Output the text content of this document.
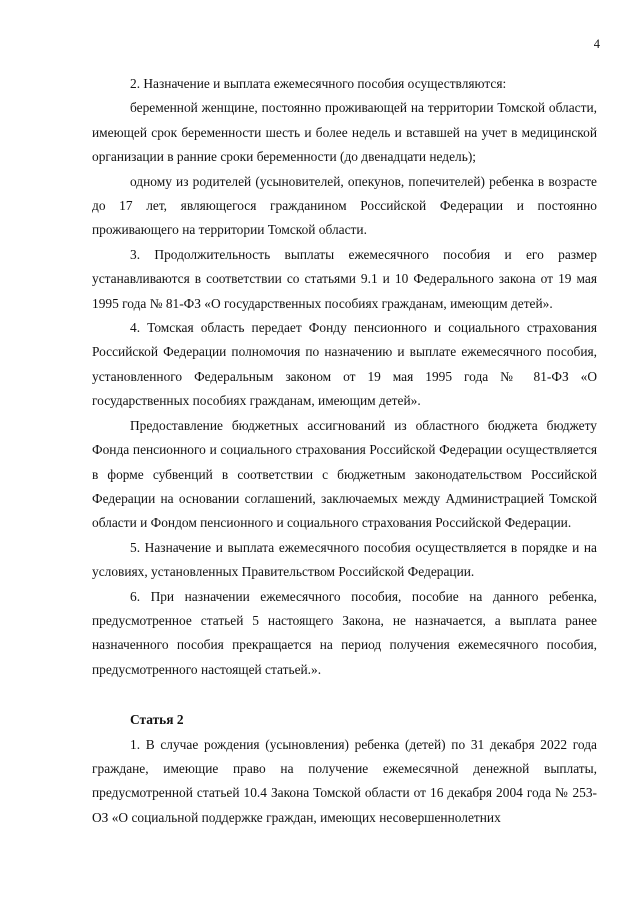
4

2. Назначение и выплата ежемесячного пособия осуществляются:

беременной женщине, постоянно проживающей на территории Томской области, имеющей срок беременности шесть и более недель и вставшей на учет в медицинской организации в ранние сроки беременности (до двенадцати недель);

одному из родителей (усыновителей, опекунов, попечителей) ребенка в возрасте до 17 лет, являющегося гражданином Российской Федерации и постоянно проживающего на территории Томской области.

3. Продолжительность выплаты ежемесячного пособия и его размер устанавливаются в соответствии со статьями 9.1 и 10 Федерального закона от 19 мая 1995 года № 81-ФЗ «О государственных пособиях гражданам, имеющим детей».

4. Томская область передает Фонду пенсионного и социального страхования Российской Федерации полномочия по назначению и выплате ежемесячного пособия, установленного Федеральным законом от 19 мая 1995 года № 81-ФЗ «О государственных пособиях гражданам, имеющим детей».

Предоставление бюджетных ассигнований из областного бюджета бюджету Фонда пенсионного и социального страхования Российской Федерации осуществляется в форме субвенций в соответствии с бюджетным законодательством Российской Федерации на основании соглашений, заключаемых между Администрацией Томской области и Фондом пенсионного и социального страхования Российской Федерации.

5. Назначение и выплата ежемесячного пособия осуществляется в порядке и на условиях, установленных Правительством Российской Федерации.

6. При назначении ежемесячного пособия, пособие на данного ребенка, предусмотренное статьей 5 настоящего Закона, не назначается, а выплата ранее назначенного пособия прекращается на период получения ежемесячного пособия, предусмотренного настоящей статьей.».

Статья 2

1. В случае рождения (усыновления) ребенка (детей) по 31 декабря 2022 года граждане, имеющие право на получение ежемесячной денежной выплаты, предусмотренной статьей 10.4 Закона Томской области от 16 декабря 2004 года № 253-ОЗ «О социальной поддержке граждан, имеющих несовершеннолетних
